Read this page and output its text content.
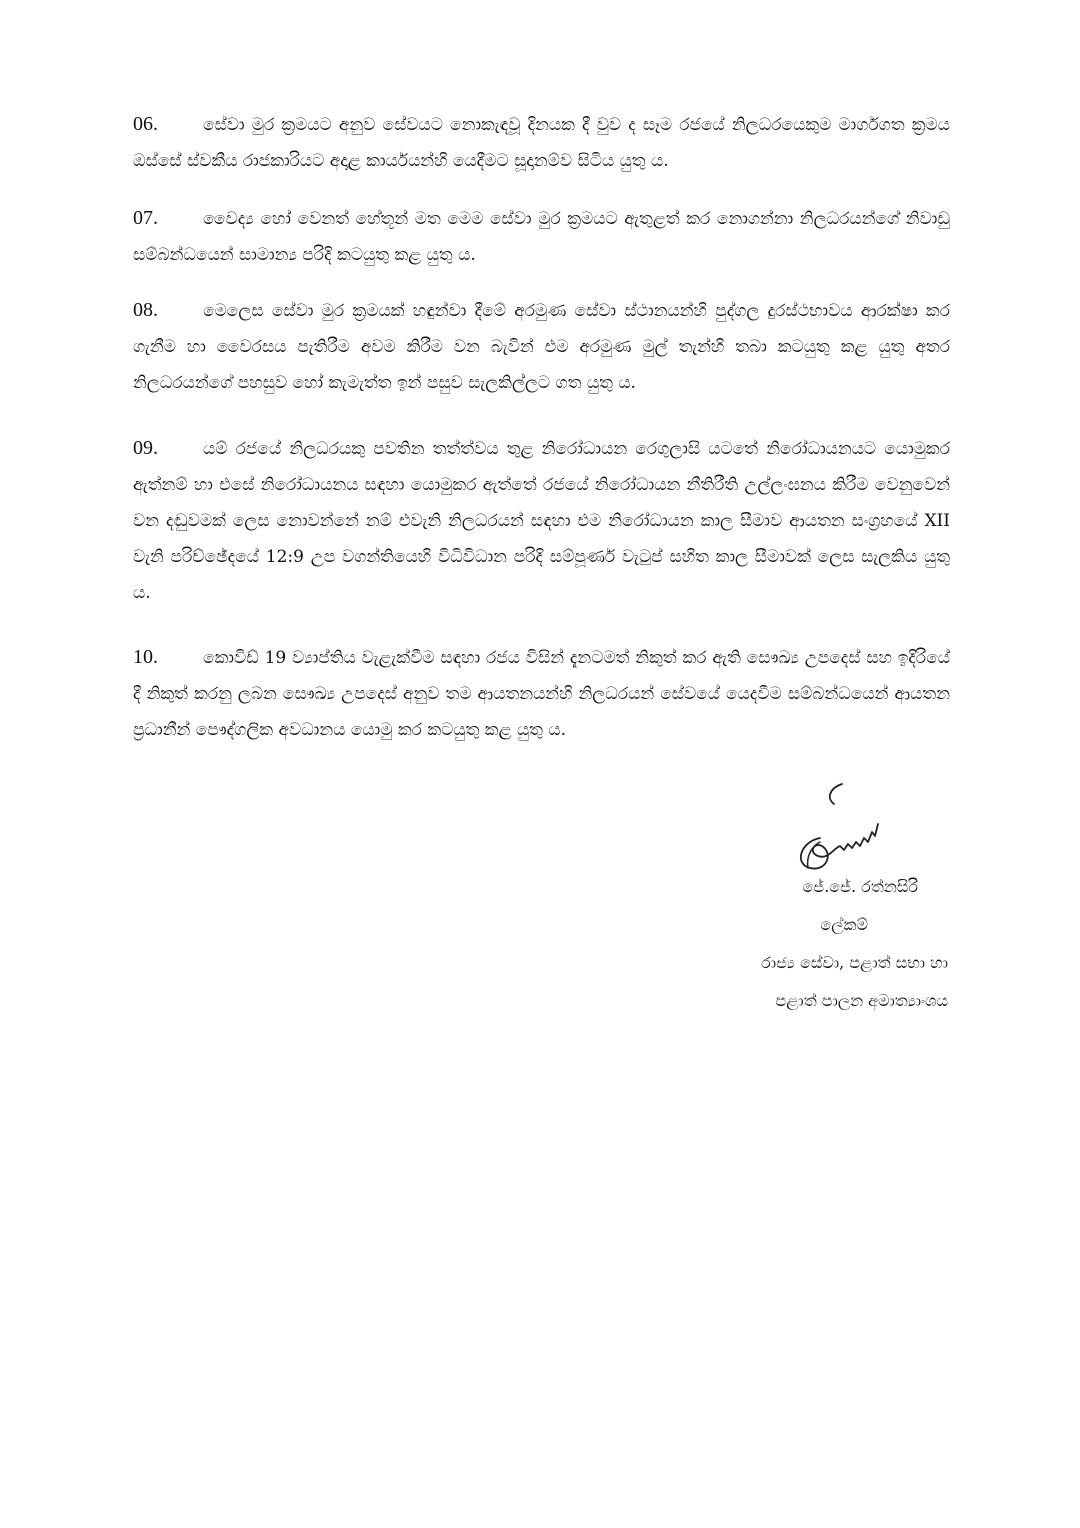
06.	සේවා මුර ක්‍රමයට අනුව සේවයට නොකැඳවූ දිනයක දී වුව ද සෑම රජයේ නිලධරයෙකුම මාර්ගගත ක්‍රමය ඔස්සේ ස්වකීය රාජකාරියට අදාළ කාර්යයන්හි යෙදීමට සූදානම්ව සිටිය යුතු ය.
07.	වෛද්‍ය හෝ වෙනත් හේතූන් මත මෙම සේවා මුර ක්‍රමයට ඇතුළත් කර නොගන්නා නිලධරයන්ගේ නිවාඩු සම්බන්ධයෙන් සාමාන්‍ය පරිදි කටයුතු කළ යුතු ය.
08.	මෙලෙස සේවා මුර ක්‍රමයක් හඳුන්වා දීමේ අරමුණ සේවා ස්ථානයන්හි පුද්ගල දුරස්ථභාවය ආරක්ෂා කර ගැනීම හා වෛරසය පැතිරීම අවම කිරීම වන බැවින් එම අරමුණ මුල් තැන්හි තබා කටයුතු කළ යුතු අතර නිලධරයන්ගේ පහසුව හෝ කැමැත්ත ඉන් පසුව සැලකිල්ලට ගත යුතු ය.
09.	යම් රජයේ නිලධරයකු පවතින තත්ත්වය තුළ නිරෝධායන රෙගුලාසි යටතේ නිරෝධායනයට යොමුකර ඇත්නම් හා එසේ නිරෝධායනය සඳහා යොමුකර ඇත්තේ රජයේ නිරෝධායන නීතිරීති උල්ලංඝනය කිරීම වෙනුවෙන් වන දඬුවමක් ලෙස නොවන්නේ නම් එවැනි නිලධරයන් සඳහා එම නිරෝධායන කාල සීමාව ආයතන සංග්‍රහයේ XII වැනි පරිච්ඡේදයේ 12:9 උප වගන්තියෙහි විධිවිධාන පරිදි සම්පූර්ණ වැටුප් සහිත කාල සීමාවක් ලෙස සැලකිය යුතු ය.
10.	කොවිඩ් 19 ව්‍යාප්තිය වැළැක්වීම සඳහා රජය විසින් දැනටමත් නිකුත් කර ඇති සෞඛ්‍ය උපදෙස් සහ ඉදිරියේ දී නිකුත් කරනු ලබන සෞඛ්‍ය උපදෙස් අනුව තම ආයතනයන්හි නිලධරයන් සේවයේ යෙදවීම සම්බන්ධයෙන් ආයතන ප්‍රධානීන් පෞද්ගලික අවධානය යොමු කර කටයුතු කළ යුතු ය.
ජේ.ජේ. රත්නසිරි
ලේකම්
රාජ්‍ය සේවා, පළාත් සභා හා
පළාත් පාලන අමාත්‍යාංශය
